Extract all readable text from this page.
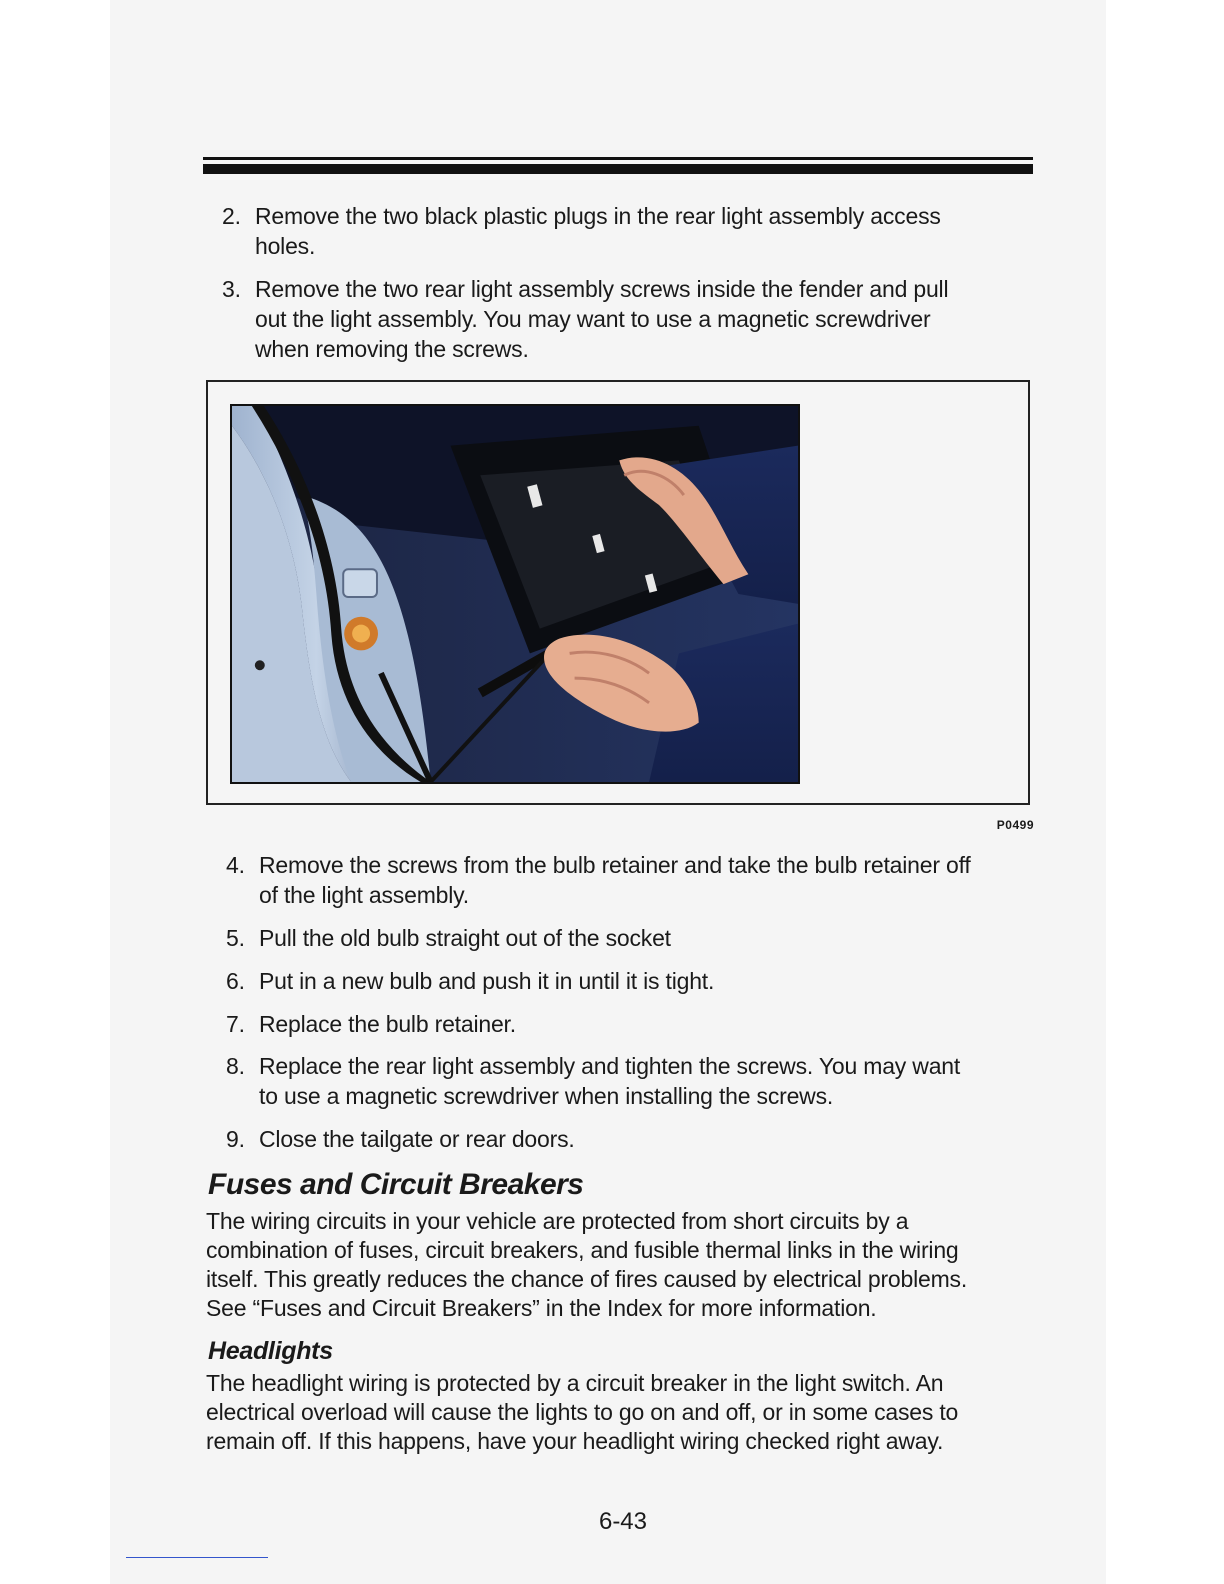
2. Remove the two black plastic plugs in the rear light assembly access
holes.
3. Remove the two rear light assembly screws inside the fender and pull
out the light assembly. You may want to use a magnetic screwdriver
when removing the screws.
P0499
4. Remove the screws from the bulb retainer and take the bulb retainer off
of the light assembly.
5. Pull the old bulb straight out of the socket
6. Put in a new bulb and push it in until it is tight.
7. Replace the bulb retainer.
8. Replace the rear light assembly and tighten the screws. You may want
to use a magnetic screwdriver when installing the screws.
9. Close the tailgate or rear doors.
Fuses and Circuit Breakers
The wiring circuits in your vehicle are protected from short circuits by a
combination of fuses, circuit breakers, and fusible thermal links in the wiring
itself. This greatly reduces the chance of fires caused by electrical problems.
See “Fuses and Circuit Breakers” in the Index for more information.
Headlights
The headlight wiring is protected by a circuit breaker in the light switch. An
electrical overload will cause the lights to go on and off, or in some cases to
remain off. If this happens, have your headlight wiring checked right away.
6-43
